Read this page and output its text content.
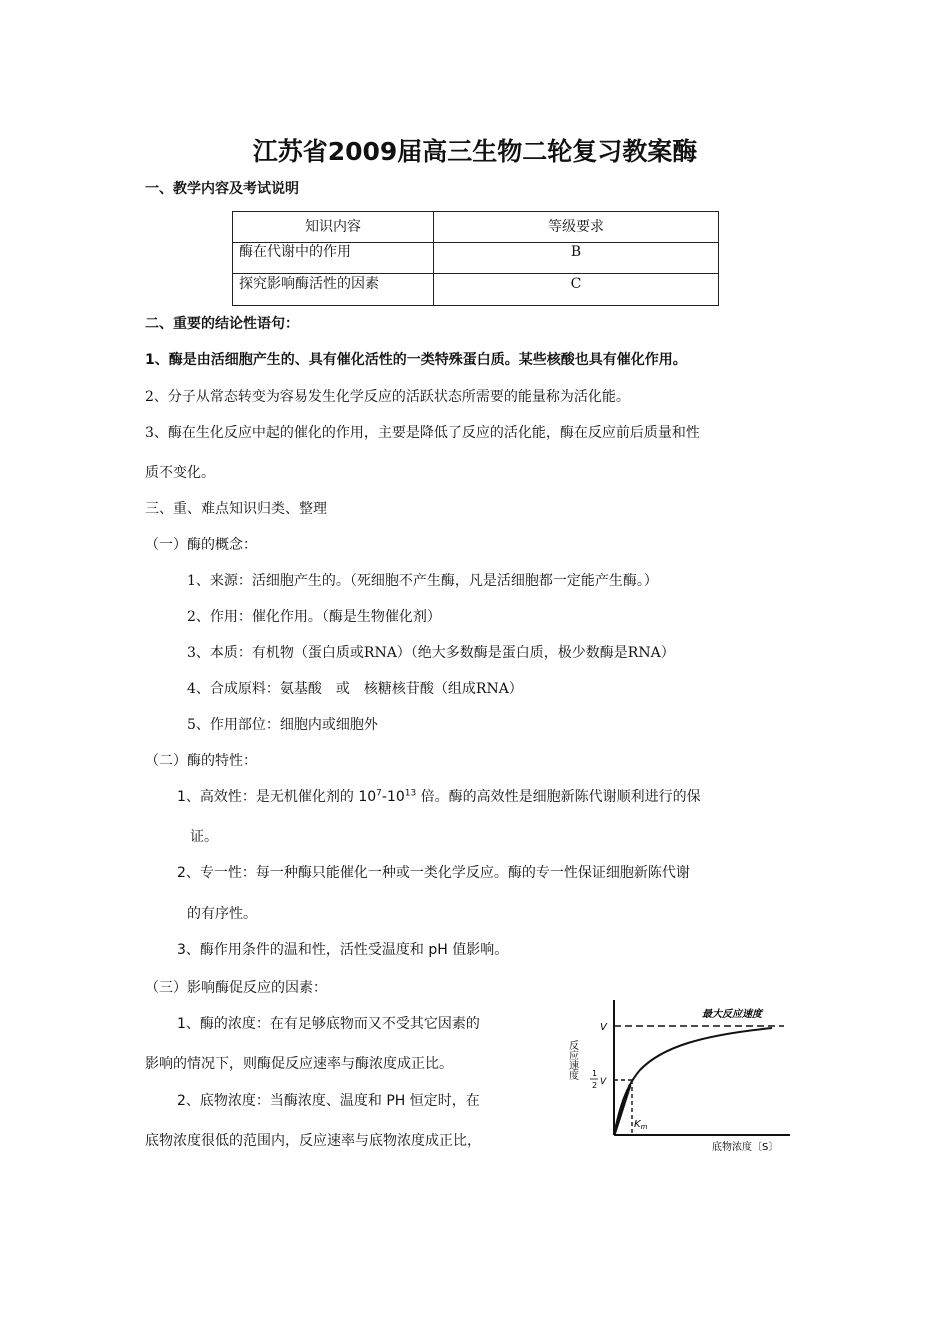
江苏省2009届高三生物二轮复习教案酶
一、教学内容及考试说明
知识内容	等级要求
酶在代谢中的作用	B
探究影响酶活性的因素	C
二、重要的结论性语句：
1、酶是由活细胞产生的、具有催化活性的一类特殊蛋白质。某些核酸也具有催化作用。
2、分子从常态转变为容易发生化学反应的活跃状态所需要的能量称为活化能。
3、酶在生化反应中起的催化的作用，主要是降低了反应的活化能，酶在反应前后质量和性
质不变化。
三、重、难点知识归类、整理
（一）酶的概念：
1、来源：活细胞产生的。（死细胞不产生酶，凡是活细胞都一定能产生酶。）
2、作用：催化作用。（酶是生物催化剂）
3、本质：有机物（蛋白质或RNA）（绝大多数酶是蛋白质，极少数酶是RNA）
4、合成原料：氨基酸　或　核糖核苷酸（组成RNA）
5、作用部位：细胞内或细胞外
（二）酶的特性：
1、高效性：是无机催化剂的 $10^7-10^{13}$ 倍。酶的高效性是细胞新陈代谢顺利进行的保
证。
2、专一性：每一种酶只能催化一种或一类化学反应。酶的专一性保证细胞新陈代谢
的有序性。
3、酶作用条件的温和性，活性受温度和 pH 值影响。
（三）影响酶促反应的因素：
1、酶的浓度：在有足够底物而又不受其它因素的
影响的情况下，则酶促反应速率与酶浓度成正比。
2、底物浓度：当酶浓度、温度和 PH 恒定时，在
底物浓度很低的范围内，反应速率与底物浓度成正比，
反应速度
V
1
2 V
$K_m$
最大反应速度
底物浓度〔S〕
